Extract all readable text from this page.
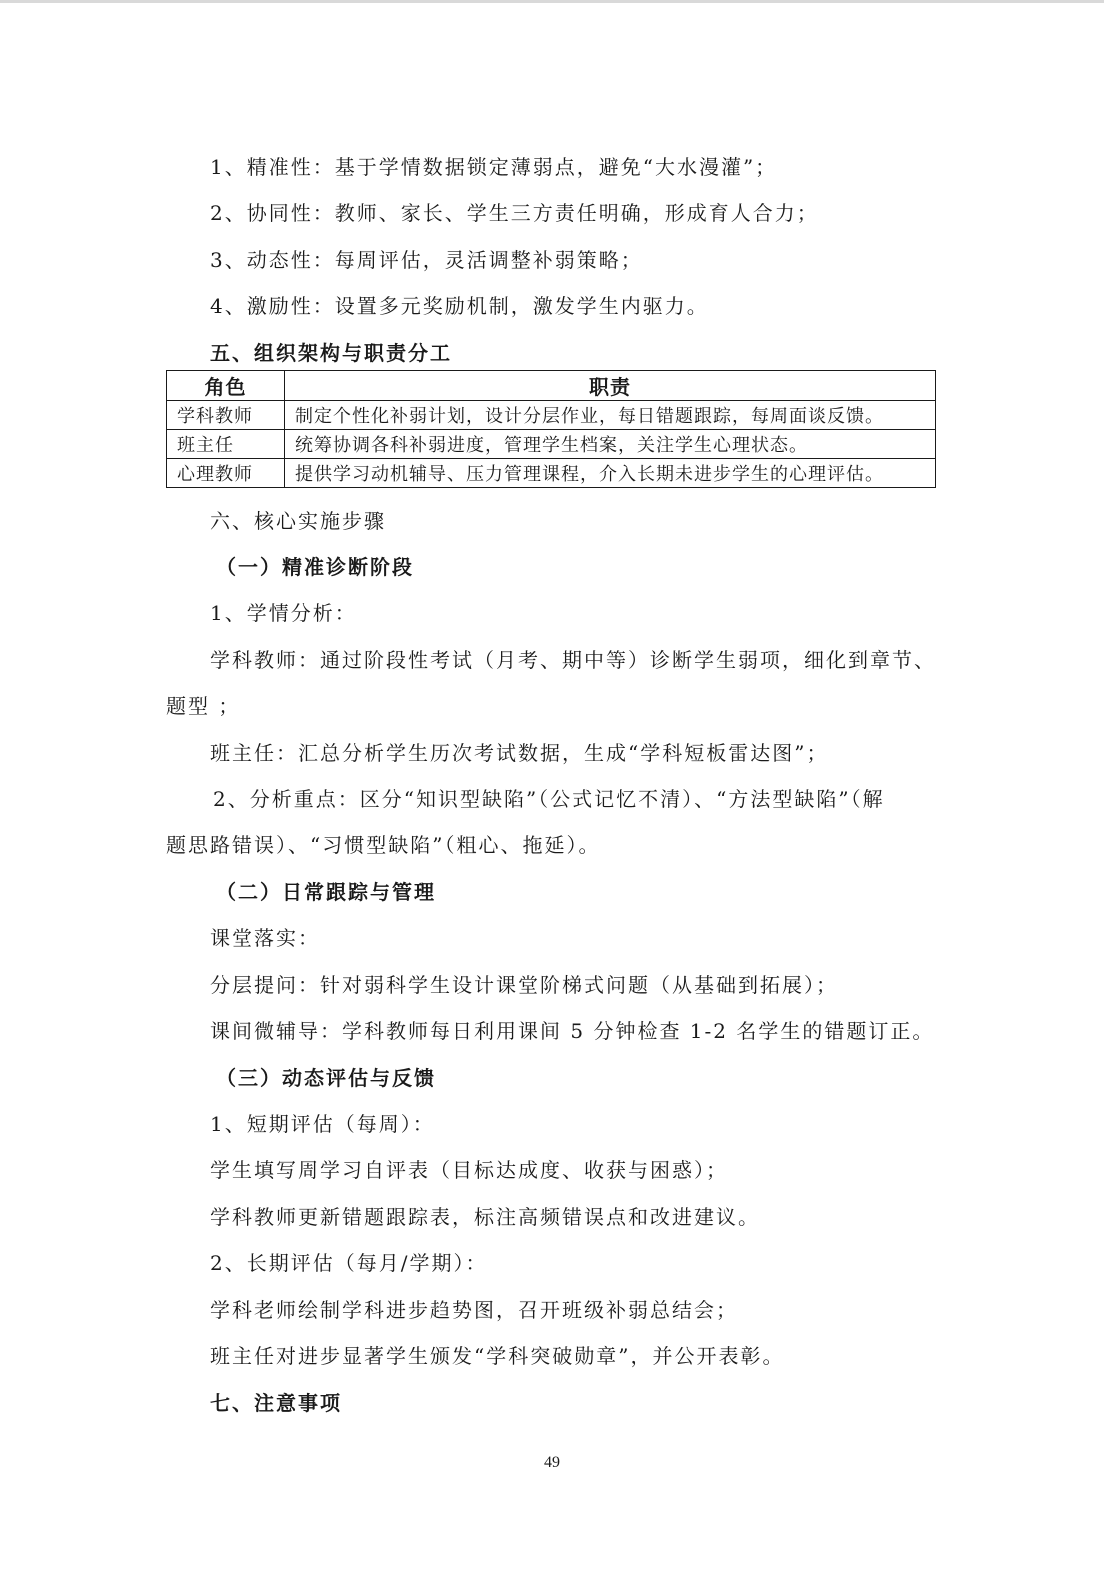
1、精准性：基于学情数据锁定薄弱点，避免“大水漫灌”；
2、协同性：教师、家长、学生三方责任明确，形成育人合力；
3、动态性：每周评估，灵活调整补弱策略；
4、激励性：设置多元奖励机制，激发学生内驱力。
五、组织架构与职责分工
角色	职责
学科教师	制定个性化补弱计划，设计分层作业，每日错题跟踪，每周面谈反馈。
班主任	统筹协调各科补弱进度，管理学生档案，关注学生心理状态。
心理教师	提供学习动机辅导、压力管理课程，介入长期未进步学生的心理评估。
六、核心实施步骤
（一）精准诊断阶段
1、学情分析：
学科教师：通过阶段性考试（月考、期中等）诊断学生弱项，细化到章节、
题型 ；
班主任：汇总分析学生历次考试数据，生成“学科短板雷达图”；
2、分析重点：区分“知识型缺陷”（公式记忆不清）、“方法型缺陷”（解
题思路错误）、“习惯型缺陷”（粗心、拖延）。
（二）日常跟踪与管理
课堂落实：
分层提问：针对弱科学生设计课堂阶梯式问题（从基础到拓展）；
课间微辅导：学科教师每日利用课间 5 分钟检查 1-2 名学生的错题订正。
（三）动态评估与反馈
1、短期评估（每周）：
学生填写周学习自评表（目标达成度、收获与困惑）；
学科教师更新错题跟踪表，标注高频错误点和改进建议。
2、长期评估（每月/学期）：
学科老师绘制学科进步趋势图，召开班级补弱总结会；
班主任对进步显著学生颁发“学科突破勋章”，并公开表彰。
七、注意事项
49
